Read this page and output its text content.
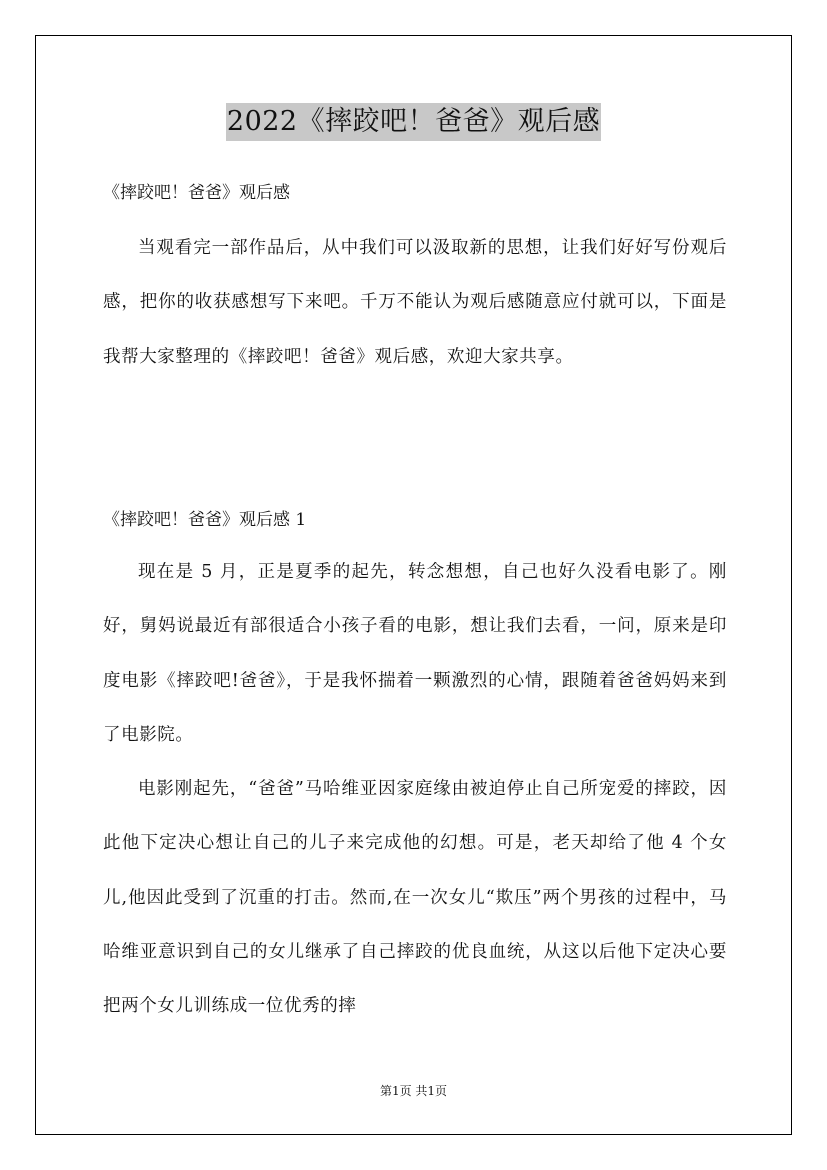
2022《摔跤吧！爸爸》观后感
《摔跤吧！爸爸》观后感

当观看完一部作品后，从中我们可以汲取新的思想，让我们好好写份观后感，把你的收获感想写下来吧。千万不能认为观后感随意应付就可以，下面是我帮大家整理的《摔跤吧！爸爸》观后感，欢迎大家共享。

《摔跤吧！爸爸》观后感 1

现在是 5 月，正是夏季的起先，转念想想，自己也好久没看电影了。刚好，舅妈说最近有部很适合小孩子看的电影，想让我们去看，一问，原来是印度电影《摔跤吧!爸爸》，于是我怀揣着一颗激烈的心情，跟随着爸爸妈妈来到了电影院。

电影刚起先，“爸爸”马哈维亚因家庭缘由被迫停止自己所宠爱的摔跤，因此他下定决心想让自己的儿子来完成他的幻想。可是，老天却给了他 4 个女儿,他因此受到了沉重的打击。然而,在一次女儿“欺压”两个男孩的过程中，马哈维亚意识到自己的女儿继承了自己摔跤的优良血统，从这以后他下定决心要把两个女儿训练成一位优秀的摔

第1页 共1页
